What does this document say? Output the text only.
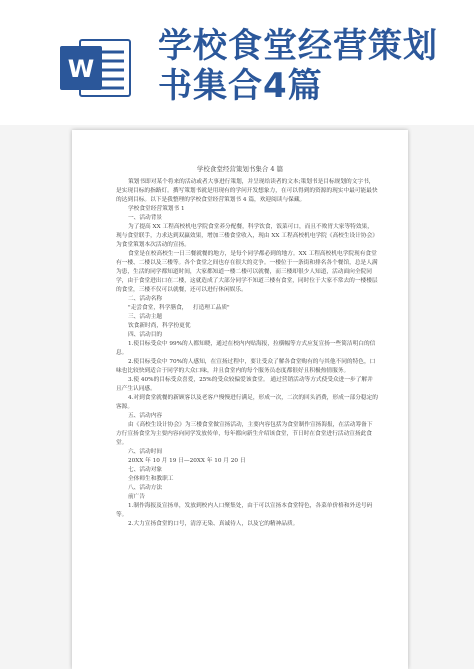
W
学校食堂经营策划
书集合4篇
学校食堂经营策划书集合 4 篇

策划书即对某个将来的活动或者大事进行策划，并呈现给读者的文本;策划书是目标规划的文字书，是实现目标的指路灯。撰写策划书就是用现有的学问开发想象力，在可以得到的资源的现实中最可能最快的达到目标。以下是我整理的学校食堂经营策划书 4 篇，欢迎阅读与保藏。

学校食堂经营策划书 1

一、活动背景

为了提高 XX 工程高校机电学院食堂养分配餐，科学饮食，饭菜可口，而且不败胃大家等特效果，现与食堂联手，力求达到双赢效果，增加三楼食堂收入，现由 XX 工程高校机电学院《高校生设计协会》为食堂策划本次活动的宣扬。

食堂是在校高校生一日三餐就餐的地方，是每个同学都必到的地方。XX 工程高校机电学院现有食堂有一楼、二楼以及三楼等。各个食堂之间也存在很大的竞争。一楼位于一条街和排名各个餐馆，总是人满为患，生活的同学都知道时间，大家都知道一楼二楼可以就餐，而三楼却很少人知道，活动面向全院同学，由于食堂进出口在二楼，这就造成了大部分同学不知道三楼有食堂，同时位于大家不常去的一楼楼层的食堂，三楼不仅可以就餐，还可以进行休闲娱乐。

二、活动名称

"走尝食堂，科学膳食，   打造理工品质"

三、活动主题

饮食新时尚，科学扮更优

四、活动目的

1.使目标受众中 99%的人都知晓，通过在校内内贴海报，拉横幅等方式应复宣扬一些简洁明白的信息。

2.使目标受众中 70%的人感知，在宣扬过程中，要让受众了解各食堂购有的与其他不同的特色，口味也比较快到适合于同学的大众口味，并且食堂内的每个服务员态度都很好且积极热情服务。

3.使 40%的目标受众喜爱，25%的受众较偏爱该食堂。 通过营销活动等方式使受众进一步了解并且产生认同感。

4.对到食堂就餐的新顾客以及老客户慢慢进行满足，形成一次，二次的回头消费，形成一部分稳定的客源。

五、活动内容

由《高校生设计协会》为三楼食堂做宣扬活动，主要内容包括为食堂制作宣扬海报，在活动筹备下方行宣扬食堂为主要内容向同学发放传单，每年都向新生介绍该食堂，节日时在食堂进行活动宣扬此食堂。

六、活动时间

20XX 年 10 月 19 日—20XX 年 10 月 20 日

七、活动对象

全体师生和教职工

八、活动方法

前广告

1.制作海报及宣扬单，发放到校内人口聚集处，由于可以宣扬本食堂特色，各菜单价格和外送号码等。

2.大力宣扬食堂的口号，清淳无染、真诚待人，以及它的精神品质。
